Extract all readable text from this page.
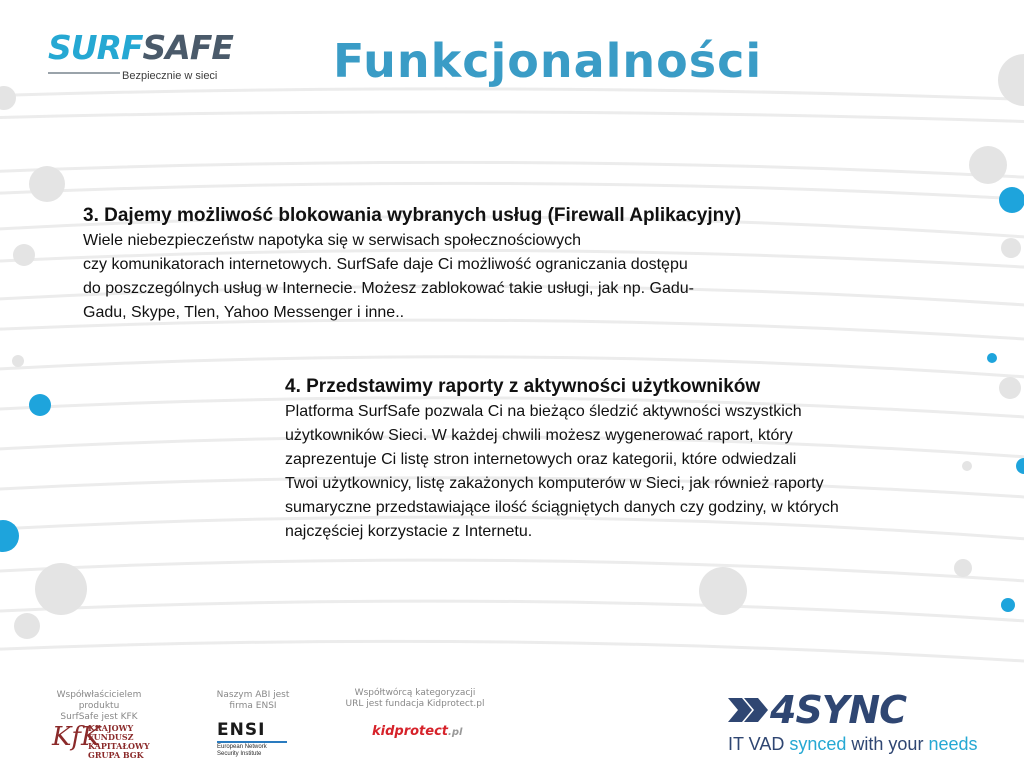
SURFSAFE
Bezpiecznie w sieci	Funkcjonalności
3. Dajemy możliwość blokowania wybranych usług (Firewall Aplikacyjny)

Wiele niebezpieczeństw napotyka się w serwisach społecznościowych

czy komunikatorach internetowych. SurfSafe daje Ci możliwość ograniczania dostępu

do poszczególnych usług w Internecie. Możesz zablokować takie usługi, jak np. Gadu-

Gadu, Skype, Tlen, Yahoo Messenger i inne..

4. Przedstawimy raporty z aktywności użytkowników

Platforma SurfSafe pozwala Ci na bieżąco śledzić aktywności wszystkich

użytkowników Sieci. W każdej chwili możesz wygenerować raport, który

zaprezentuje Ci listę stron internetowych oraz kategorii, które odwiedzali

Twoi użytkownicy, listę zakażonych komputerów w Sieci, jak również raporty

sumaryczne przedstawiające ilość ściągniętych danych czy godziny, w których

najczęściej korzystacie z Internetu.

Współwłaścicielem produktu
SurfSafe jest KFK
KfK
KRAJOWY
FUNDUSZ
KAPITAŁOWY
GRUPA BGK
Naszym ABI jest
firma ENSI
ENSI
European Network
Security Institute
Współtwórcą kategoryzacji
URL jest fundacja Kidprotect.pl
kidprotect.pl
4SYNC
IT VAD synced with your needs
